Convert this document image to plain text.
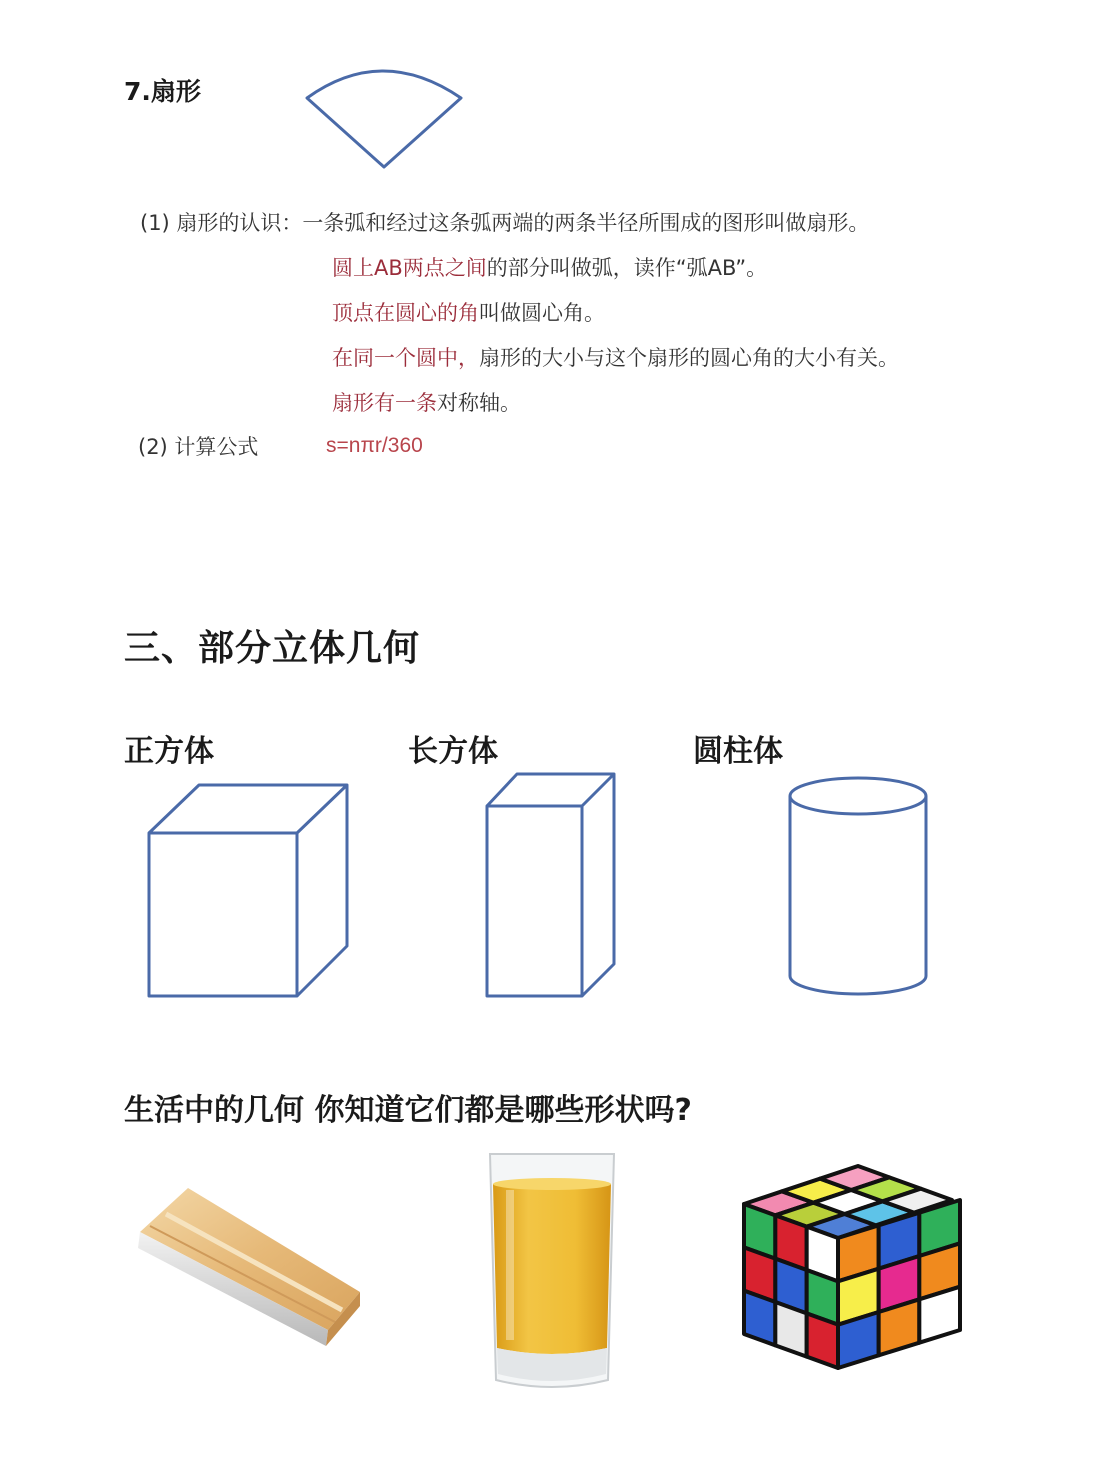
7.扇形
(1) 扇形的认识：一条弧和经过这条弧两端的两条半径所围成的图形叫做扇形。
圆上AB两点之间的部分叫做弧，读作“弧AB”。
顶点在圆心的角叫做圆心角。
在同一个圆中，扇形的大小与这个扇形的圆心角的大小有关。
扇形有一条对称轴。
(2) 计算公式	s=nπr/360
三、部分立体几何
正方体	长方体	圆柱体
生活中的几何 你知道它们都是哪些形状吗?
